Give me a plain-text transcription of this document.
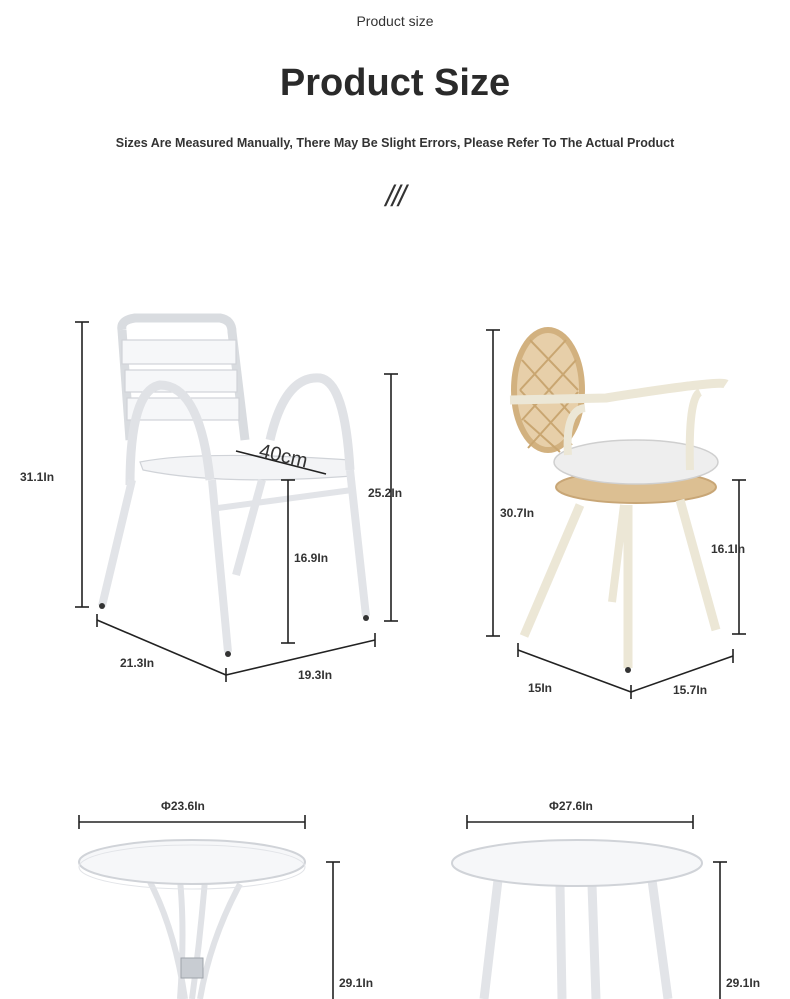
Product size
Product Size
Sizes Are Measured Manually, There May Be Slight Errors, Please Refer To The Actual Product
///
31.1In
25.2In
16.9In
40cm
21.3In
19.3In
30.7In
16.1In
15In	15.7In
Φ23.6In
29.1In
Φ27.6In
29.1In
